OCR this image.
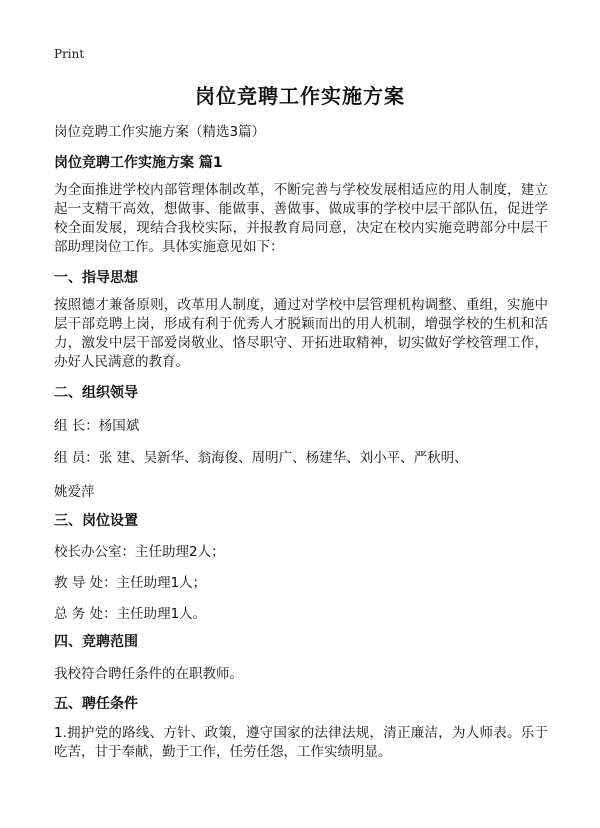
Print
岗位竞聘工作实施方案
岗位竞聘工作实施方案（精选3篇）
岗位竞聘工作实施方案 篇1
为全面推进学校内部管理体制改革，不断完善与学校发展相适应的用人制度，建立起一支精干高效，想做事、能做事、善做事、做成事的学校中层干部队伍，促进学校全面发展，现结合我校实际，并报教育局同意，决定在校内实施竞聘部分中层干部助理岗位工作。具体实施意见如下：
一、指导思想
按照德才兼备原则，改革用人制度，通过对学校中层管理机构调整、重组，实施中层干部竞聘上岗，形成有利于优秀人才脱颖而出的用人机制，增强学校的生机和活力，激发中层干部爱岗敬业、恪尽职守、开拓进取精神，切实做好学校管理工作，办好人民满意的教育。
二、组织领导
组 长：杨国斌
组 员：张 建、吴新华、翁海俊、周明广、杨建华、刘小平、严秋明、
姚爱萍
三、岗位设置
校长办公室：主任助理2人；
教 导 处：主任助理1人；
总 务 处：主任助理1人。
四、竞聘范围
我校符合聘任条件的在职教师。
五、聘任条件
1.拥护党的路线、方针、政策，遵守国家的法律法规，清正廉洁，为人师表。乐于吃苦，甘于奉献，勤于工作，任劳任怨，工作实绩明显。
